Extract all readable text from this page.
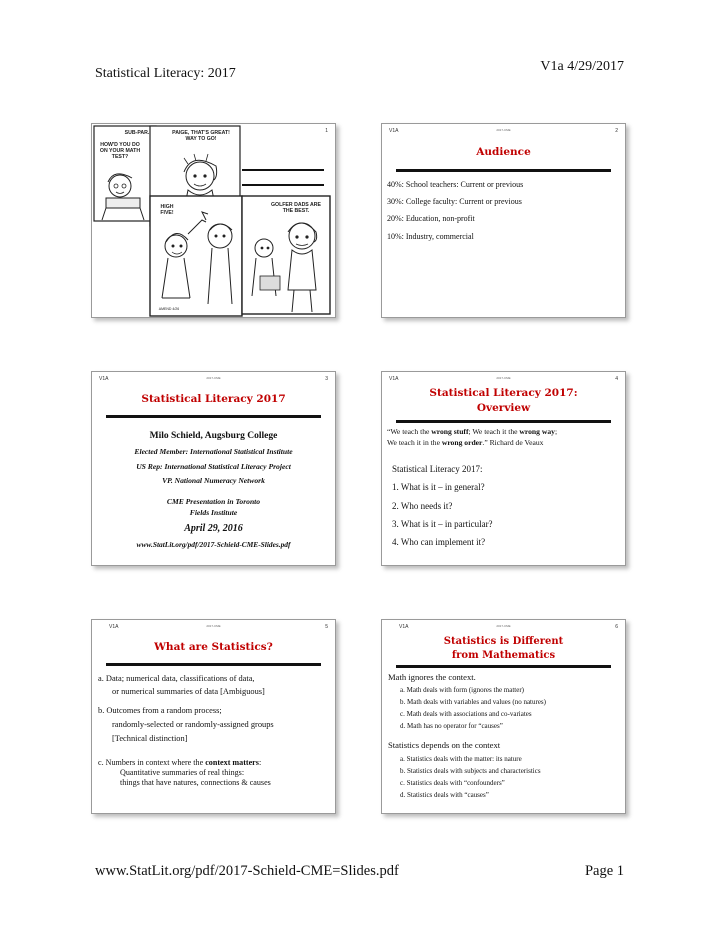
Statistical Literacy: 2017	V1a 4/29/2017
1
SUB-PAR.
HOW'D YOU DO ON YOUR MATH TEST?
PAIGE, THAT'S GREAT! WAY TO GO!
HIGH FIVE!
GOLFER DADS ARE THE BEST.
AMEND 4/26
V1A	2017-CME	2
Audience
40%: School teachers: Current or previous
30%: College faculty: Current or previous
20%: Education, non-profit
10%: Industry, commercial
V1A	2017-CME	3
Statistical Literacy 2017
Milo Schield, Augsburg College
Elected Member: International Statistical Institute
US Rep: International Statistical Literacy Project
VP. National Numeracy Network
CME Presentation in Toronto
Fields Institute
April 29, 2016
www.StatLit.org/pdf/2017-Schield-CME-Slides.pdf
V1A	2017-CME	4
Statistical Literacy 2017:
Overview
“We teach the wrong stuff; We teach it the wrong way;
We teach it in the wrong order.” Richard de Veaux
Statistical Literacy 2017:
1. What is it – in general?
2. Who needs it?
3. What is it – in particular?
4. Who can implement it?
V1A	2017-CME	5
What are Statistics?
a. Data; numerical data, classifications of data,
or numerical summaries of data [Ambiguous]
b. Outcomes from a random process;
randomly-selected or randomly-assigned groups
[Technical distinction]
c. Numbers in context where the context matters:
Quantitative summaries of real things:
things that have natures, connections & causes
V1A	2017-CME	6
Statistics is Different
from Mathematics
Math ignores the context.
a. Math deals with form (ignores the matter)
b. Math deals with variables and values (no natures)
c. Math deals with associations and co-variates
d. Math has no operator for “causes”
Statistics depends on the context
a. Statistics deals with the matter: its nature
b. Statistics deals with subjects and characteristics
c. Statistics deals with “confounders”
d. Statistics deals with “causes”
www.StatLit.org/pdf/2017-Schield-CME=Slides.pdf	Page 1
